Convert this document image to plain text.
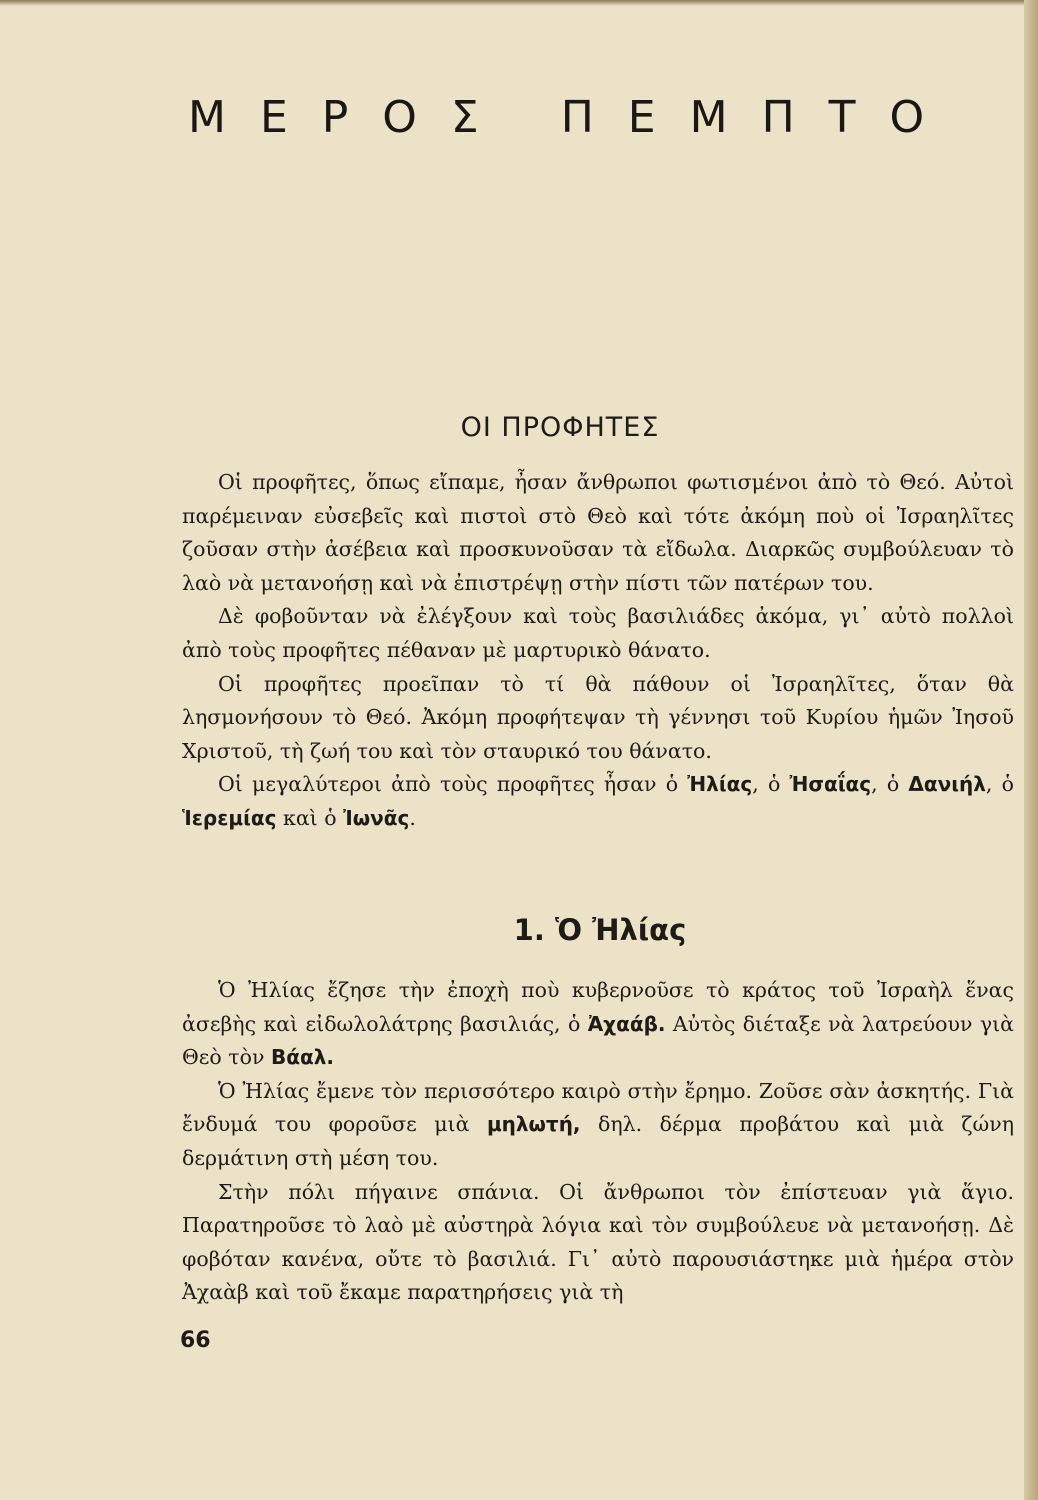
ΜΕΡΟΣ ΠΕΜΠΤΟ
ΟΙ ΠΡΟΦΗΤΕΣ

Οἱ προφῆτες, ὅπως εἴπαμε, ἦσαν ἄνθρωποι φωτισμένοι ἀπὸ τὸ Θεό. Αὐτοὶ παρέμειναν εὐσεβεῖς καὶ πιστοὶ στὸ Θεὸ καὶ τότε ἀκόμη ποὺ οἱ Ἰσραηλῖτες ζοῦσαν στὴν ἀσέβεια καὶ προσκυνοῦσαν τὰ εἴδωλα. Διαρκῶς συμβούλευαν τὸ λαὸ νὰ μετανοήσῃ καὶ νὰ ἐπιστρέψῃ στὴν πίστι τῶν πατέρων του.

Δὲ φοβοῦνταν νὰ ἐλέγξουν καὶ τοὺς βασιλιάδες ἀκόμα, γι᾿ αὐτὸ πολλοὶ ἀπὸ τοὺς προφῆτες πέθαναν μὲ μαρτυρικὸ θάνατο.

Οἱ προφῆτες προεῖπαν τὸ τί θὰ πάθουν οἱ Ἰσραηλῖτες, ὅταν θὰ λησμονήσουν τὸ Θεό. Ἀκόμη προφήτεψαν τὴ γέννησι τοῦ Κυρίου ἡμῶν Ἰησοῦ Χριστοῦ, τὴ ζωή του καὶ τὸν σταυρικό του θάνατο.

Οἱ μεγαλύτεροι ἀπὸ τοὺς προφῆτες ἦσαν ὁ Ἠλίας, ὁ Ἠσαΐας, ὁ Δανιήλ, ὁ Ἱερεμίας καὶ ὁ Ἰωνᾶς.

1. Ὁ Ἠλίας

Ὁ Ἠλίας ἔζησε τὴν ἐποχὴ ποὺ κυβερνοῦσε τὸ κράτος τοῦ Ἰσραὴλ ἕνας ἀσεβὴς καὶ εἰδωλολάτρης βασιλιάς, ὁ Ἀχαάβ. Αὐτὸς διέταξε νὰ λατρεύουν γιὰ Θεὸ τὸν Βάαλ.

Ὁ Ἠλίας ἔμενε τὸν περισσότερο καιρὸ στὴν ἔρημο. Ζοῦσε σὰν ἀσκητής. Γιὰ ἔνδυμά του φοροῦσε μιὰ μηλωτή, δηλ. δέρμα προβάτου καὶ μιὰ ζώνη δερμάτινη στὴ μέση του.

Στὴν πόλι πήγαινε σπάνια. Οἱ ἄνθρωποι τὸν ἐπίστευαν γιὰ ἅγιο. Παρατηροῦσε τὸ λαὸ μὲ αὐστηρὰ λόγια καὶ τὸν συμβούλευε νὰ μετανοήσῃ. Δὲ φοβόταν κανένα, οὔτε τὸ βασιλιά. Γι᾿ αὐτὸ παρουσιάστηκε μιὰ ἡμέρα στὸν Ἀχαὰβ καὶ τοῦ ἔκαμε παρατηρήσεις γιὰ τὴ

66
